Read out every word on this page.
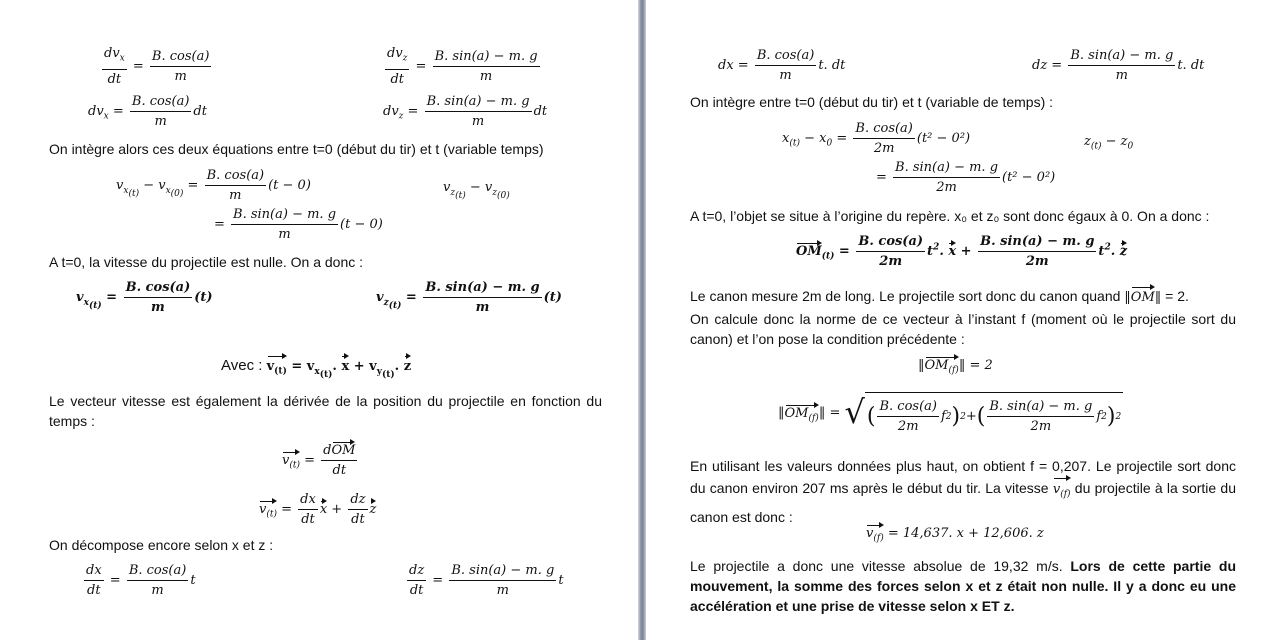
$\frac{dv_x}{dt} = \frac{B. \cos(a)}{m}$	$\frac{dv_z}{dt} = \frac{B. \sin(a) - m. g}{m}$
$dv_x = \frac{B. \cos(a)}{m}$ dt	$dv_z = \frac{B. \sin(a) - m. g}{m}$ dt
On intègre alors ces deux équations entre t=0 (début du tir) et t (variable temps)
$v_{x_{(t)}} - v_{x_{(0)}} = \frac{B. \cos(a)}{m} (t - 0)$	$v_{z_{(t)}} - v_{z_{(0)}}$
= $\frac{B. \sin(a) - m. g}{m} (t - 0)$
A t=0, la vitesse du projectile est nulle. On a donc :
$v_{x_{(t)}} = \frac{B. \cos(a)}{m} (t)$	$v_{z_{(t)}} = \frac{B. \sin(a) - m. g}{m} (t)$
Avec : $v_{(t)} = v_{x_{(t)}}$. $x + v_{y_{(t)}}$. z
Le vecteur vitesse est également la dérivée de la position du projectile en fonction du temps :
$v_{(t)} = \frac{\text{dOM}}{dt}$
$v_{(t)} = \frac{dx}{dt}$ $x + \frac{dz}{dt}$ z
On décompose encore selon x et z :
$\frac{dx}{dt} = \frac{B. \cos(a)}{m}$ t	$\frac{dz}{dt} = \frac{B. \sin(a) - m. g}{m}$ t
dx = $\frac{B. \cos(a)}{m} t$. dt	dz = $\frac{B. \sin(a) - m. g}{m} t$. dt
On intègre entre t=0 (début du tir) et t (variable de temps) :
$x_{(t)} - x_0 = \frac{B. \cos(a)}{2m} (t^2 - 0^2)$	$z_{(t)} - z_0$
= $\frac{B. \sin(a) - m. g}{2m} (t^2 - 0^2)$
A t=0, l’objet se situe à l’origine du repère. x₀ et z₀ sont donc égaux à 0. On a donc :
$OM_{(t)} = \frac{B. \cos(a)}{2m} t^2$. $x + \frac{B. \sin(a) - m. g}{2m} t^2$. z
Le canon mesure 2m de long. Le projectile sort donc du canon quand ‖OM‖ = 2.
On calcule donc la norme de ce vecteur à l’instant f (moment où le projectile sort du canon) et l’on pose la condition précédente :
$‖OM_{(f)}‖ = 2$
$‖OM_{(f)}‖$ = √ ( $\frac{B. \cos(a)}{2m}$ f 2 ) 2 + ( $\frac{B. \sin(a) - m. g}{2m}$ f 2 ) 2
En utilisant les valeurs données plus haut, on obtient f = 0,207. Le projectile sort donc du canon environ 207 ms après le début du tir. La vitesse $v_{(f)}$ du projectile à la sortie du canon est donc :
$v_{(f)} = 14,637$. x + 12,606. z
Le projectile a donc une vitesse absolue de 19,32 m/s. Lors de cette partie du mouvement, la somme des forces selon x et z était non nulle. Il y a donc eu une accélération et une prise de vitesse selon x ET z.
